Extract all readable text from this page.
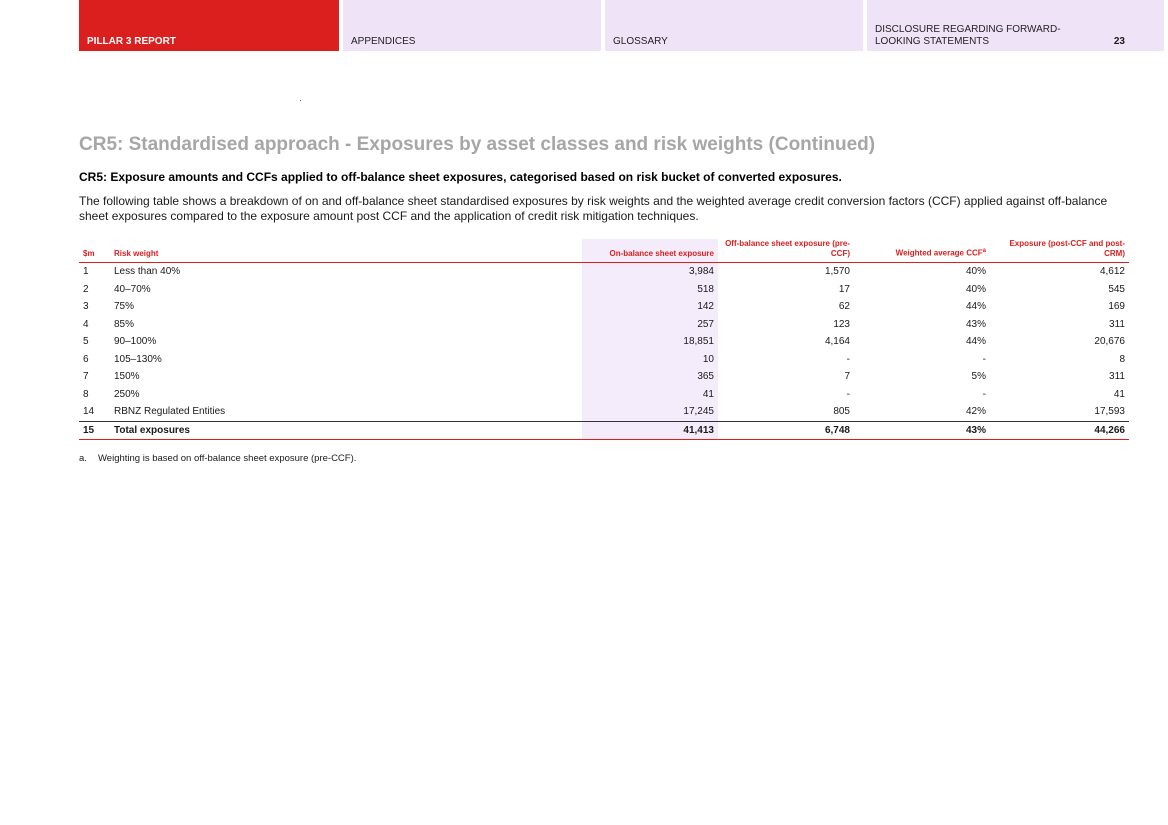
PILLAR 3 REPORT	APPENDICES	GLOSSARY
DISCLOSURE REGARDING FORWARD-LOOKING STATEMENTS	23
CR5: Standardised approach - Exposures by asset classes and risk weights (Continued)
CR5: Exposure amounts and CCFs applied to off-balance sheet exposures, categorised based on risk bucket of converted exposures.

The following table shows a breakdown of on and off-balance sheet standardised exposures by risk weights and the weighted average credit conversion factors (CCF) applied against off-balance sheet exposures compared to the exposure amount post CCF and the application of credit risk mitigation techniques.

$m	Risk weight	On-balance sheet exposure	Off-balance sheet exposure (pre-CCF)	Weighted average CCF$^a$	Exposure (post-CCF and post-CRM)
1	Less than 40%	3,984	1,570	40%	4,612
2	40–70%	518	17	40%	545
3	75%	142	62	44%	169
4	85%	257	123	43%	311
5	90–100%	18,851	4,164	44%	20,676
6	105–130%	10	-	-	8
7	150%	365	7	5%	311
8	250%	41	-	-	41
14	RBNZ Regulated Entities	17,245	805	42%	17,593
15	Total exposures	41,413	6,748	43%	44,266

a. Weighting is based on off-balance sheet exposure (pre-CCF).
